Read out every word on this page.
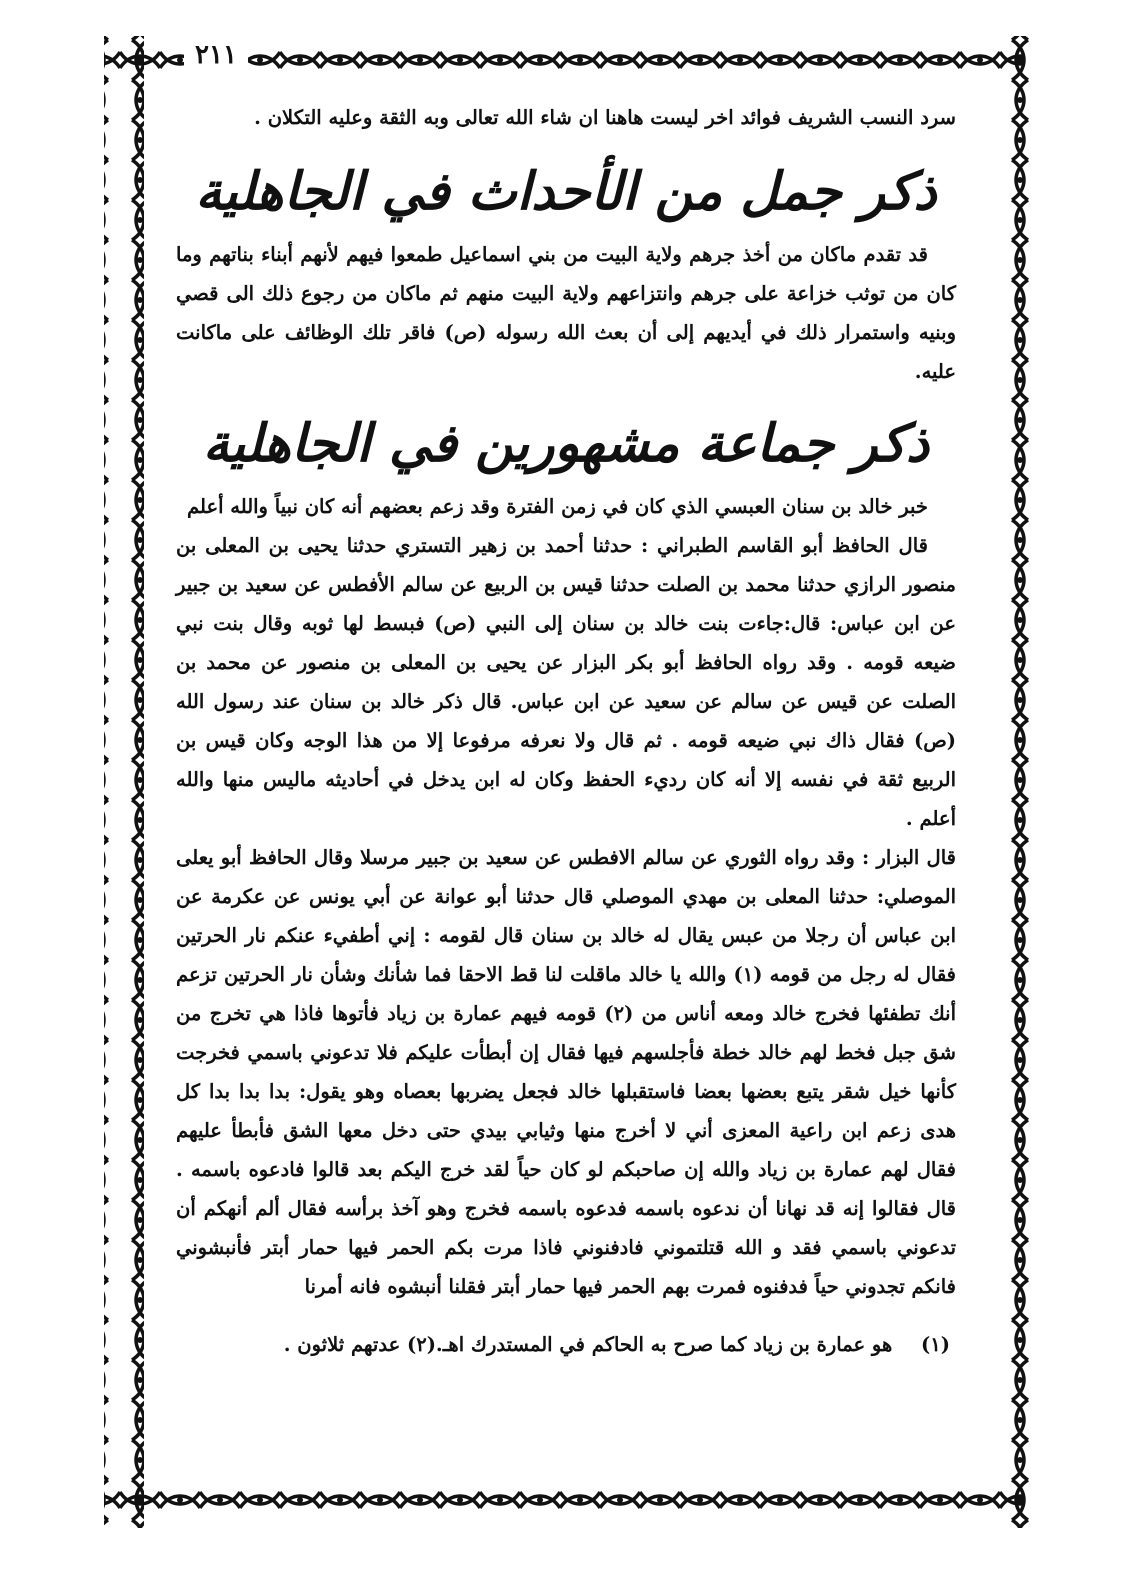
٢١١

سرد النسب الشريف فوائد اخر ليست هاهنا ان شاء الله تعالى وبه الثقة وعليه التكلان .

ذكر جمل من الأحداث في الجاهلية

قد تقدم ماكان من أخذ جرهم ولاية البيت من بني اسماعيل طمعوا فيهم لأنهم أبناء بناتهم وما كان من توثب خزاعة على جرهم وانتزاعهم ولاية البيت منهم ثم ماكان من رجوع ذلك الى قصي وبنيه واستمرار ذلك في أيديهم إلى أن بعث الله رسوله (ص) فاقر تلك الوظائف على ماكانت عليه.

ذكر جماعة مشهورين في الجاهلية

خبر خالد بن سنان العبسي الذي كان في زمن الفترة وقد زعم بعضهم أنه كان نبياً والله أعلم

قال الحافظ أبو القاسم الطبراني : حدثنا أحمد بن زهير التستري حدثنا يحيى بن المعلى بن منصور الرازي حدثنا محمد بن الصلت حدثنا قيس بن الربيع عن سالم الأفطس عن سعيد بن جبير عن ابن عباس: قال:جاءت بنت خالد بن سنان إلى النبي (ص) فبسط لها ثوبه وقال بنت نبي ضيعه قومه . وقد رواه الحافظ أبو بكر البزار عن يحيى بن المعلى بن منصور عن محمد بن الصلت عن قيس عن سالم عن سعيد عن ابن عباس. قال ذكر خالد بن سنان عند رسول الله (ص) فقال ذاك نبي ضيعه قومه . ثم قال ولا نعرفه مرفوعا إلا من هذا الوجه وكان قيس بن الربيع ثقة في نفسه إلا أنه كان رديء الحفظ وكان له ابن يدخل في أحاديثه ماليس منها والله أعلم .

قال البزار : وقد رواه الثوري عن سالم الافطس عن سعيد بن جبير مرسلا وقال الحافظ أبو يعلى الموصلي: حدثنا المعلى بن مهدي الموصلي قال حدثنا أبو عوانة عن أبي يونس عن عكرمة عن ابن عباس أن رجلا من عبس يقال له خالد بن سنان قال لقومه : إني أطفيء عنكم نار الحرتين فقال له رجل من قومه (١) والله يا خالد ماقلت لنا قط الاحقا فما شأنك وشأن نار الحرتين تزعم أنك تطفئها فخرج خالد ومعه أناس من (٢) قومه فيهم عمارة بن زياد فأتوها فاذا هي تخرج من شق جبل فخط لهم خالد خطة فأجلسهم فيها فقال إن أبطأت عليكم فلا تدعوني باسمي فخرجت كأنها خيل شقر يتبع بعضها بعضا فاستقبلها خالد فجعل يضربها بعصاه وهو يقول: بدا بدا بدا كل هدى زعم ابن راعية المعزى أني لا أخرج منها وثيابي بيدي حتى دخل معها الشق فأبطأ عليهم فقال لهم عمارة بن زياد والله إن صاحبكم لو كان حياً لقد خرج اليكم بعد قالوا فادعوه باسمه . قال فقالوا إنه قد نهانا أن ندعوه باسمه فدعوه باسمه فخرج وهو آخذ برأسه فقال ألم أنهكم أن تدعوني باسمي فقد و الله قتلتموني فادفنوني فاذا مرت بكم الحمر فيها حمار أبتر فأنبشوني فانكم تجدوني حياً فدفنوه فمرت بهم الحمر فيها حمار أبتر فقلنا أنبشوه فانه أمرنا

(١) هو عمارة بن زياد كما صرح به الحاكم في المستدرك اهـ.(٢) عدتهم ثلاثون .
